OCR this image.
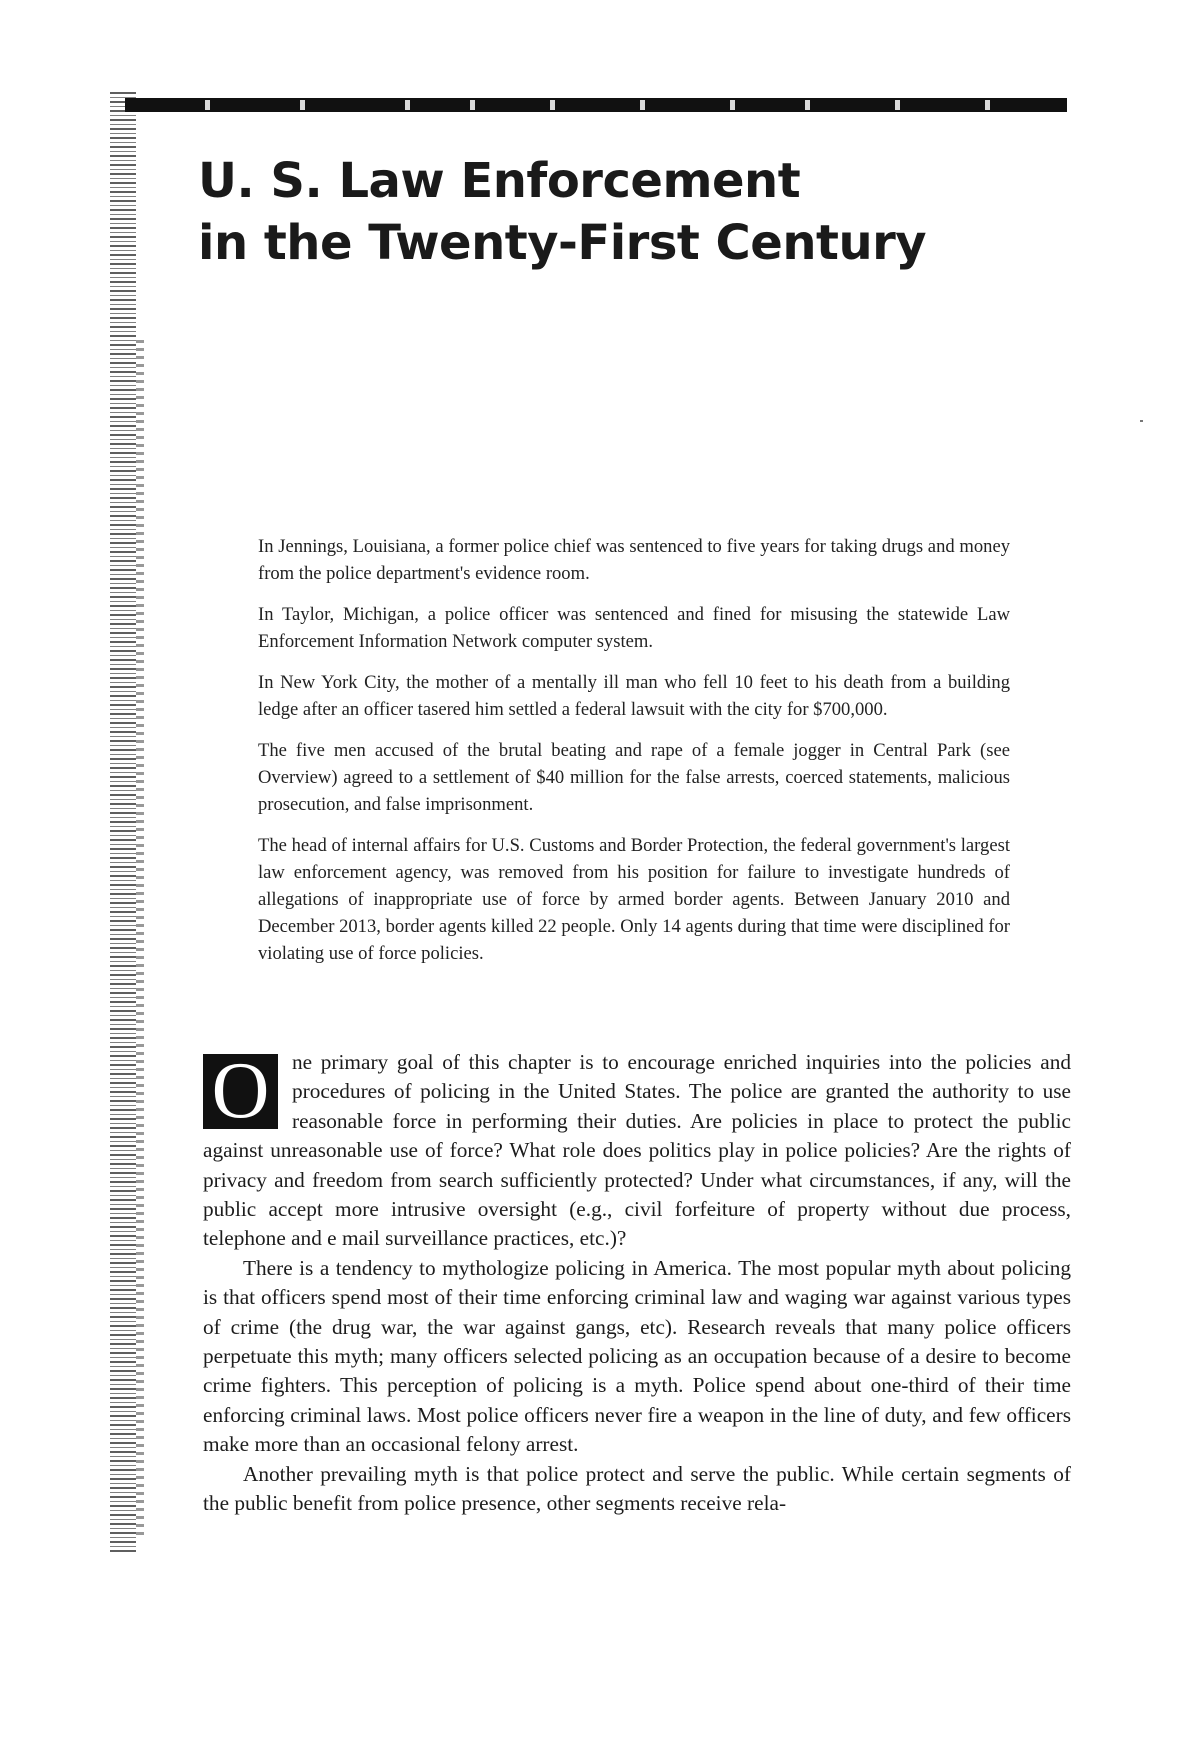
U. S. Law Enforcement
in the Twenty-First Century

In Jennings, Louisiana, a former police chief was sentenced to five years for taking drugs and money from the police department's evidence room.

In Taylor, Michigan, a police officer was sentenced and fined for misusing the statewide Law Enforcement Information Network computer system.

In New York City, the mother of a mentally ill man who fell 10 feet to his death from a building ledge after an officer tasered him settled a federal lawsuit with the city for $700,000.

The five men accused of the brutal beating and rape of a female jogger in Central Park (see Overview) agreed to a settlement of $40 million for the false arrests, coerced statements, malicious prosecution, and false imprisonment.

The head of internal affairs for U.S. Customs and Border Protection, the federal government's largest law enforcement agency, was removed from his position for failure to investigate hundreds of allegations of inappropriate use of force by armed border agents. Between January 2010 and December 2013, border agents killed 22 people. Only 14 agents during that time were disciplined for violating use of force policies.

O	ne primary goal of this chapter is to encourage enriched inquiries into the policies and procedures of policing in the United States. The police are granted the authority to use reasonable force in performing their duties. Are policies in place to protect the public against unreasonable use of force? What role does politics play in police policies? Are the rights of privacy and freedom from search sufficiently protected? Under what circumstances, if any, will the public accept more intrusive oversight (e.g., civil forfeiture of property without due process, telephone and e mail surveillance practices, etc.)?

There is a tendency to mythologize policing in America. The most popular myth about policing is that officers spend most of their time enforcing criminal law and waging war against various types of crime (the drug war, the war against gangs, etc). Research reveals that many police officers perpetuate this myth; many officers selected policing as an occupation because of a desire to become crime fighters. This perception of policing is a myth. Police spend about one-third of their time enforcing criminal laws. Most police officers never fire a weapon in the line of duty, and few officers make more than an occasional felony arrest.

Another prevailing myth is that police protect and serve the public. While certain segments of the public benefit from police presence, other segments receive rela-
